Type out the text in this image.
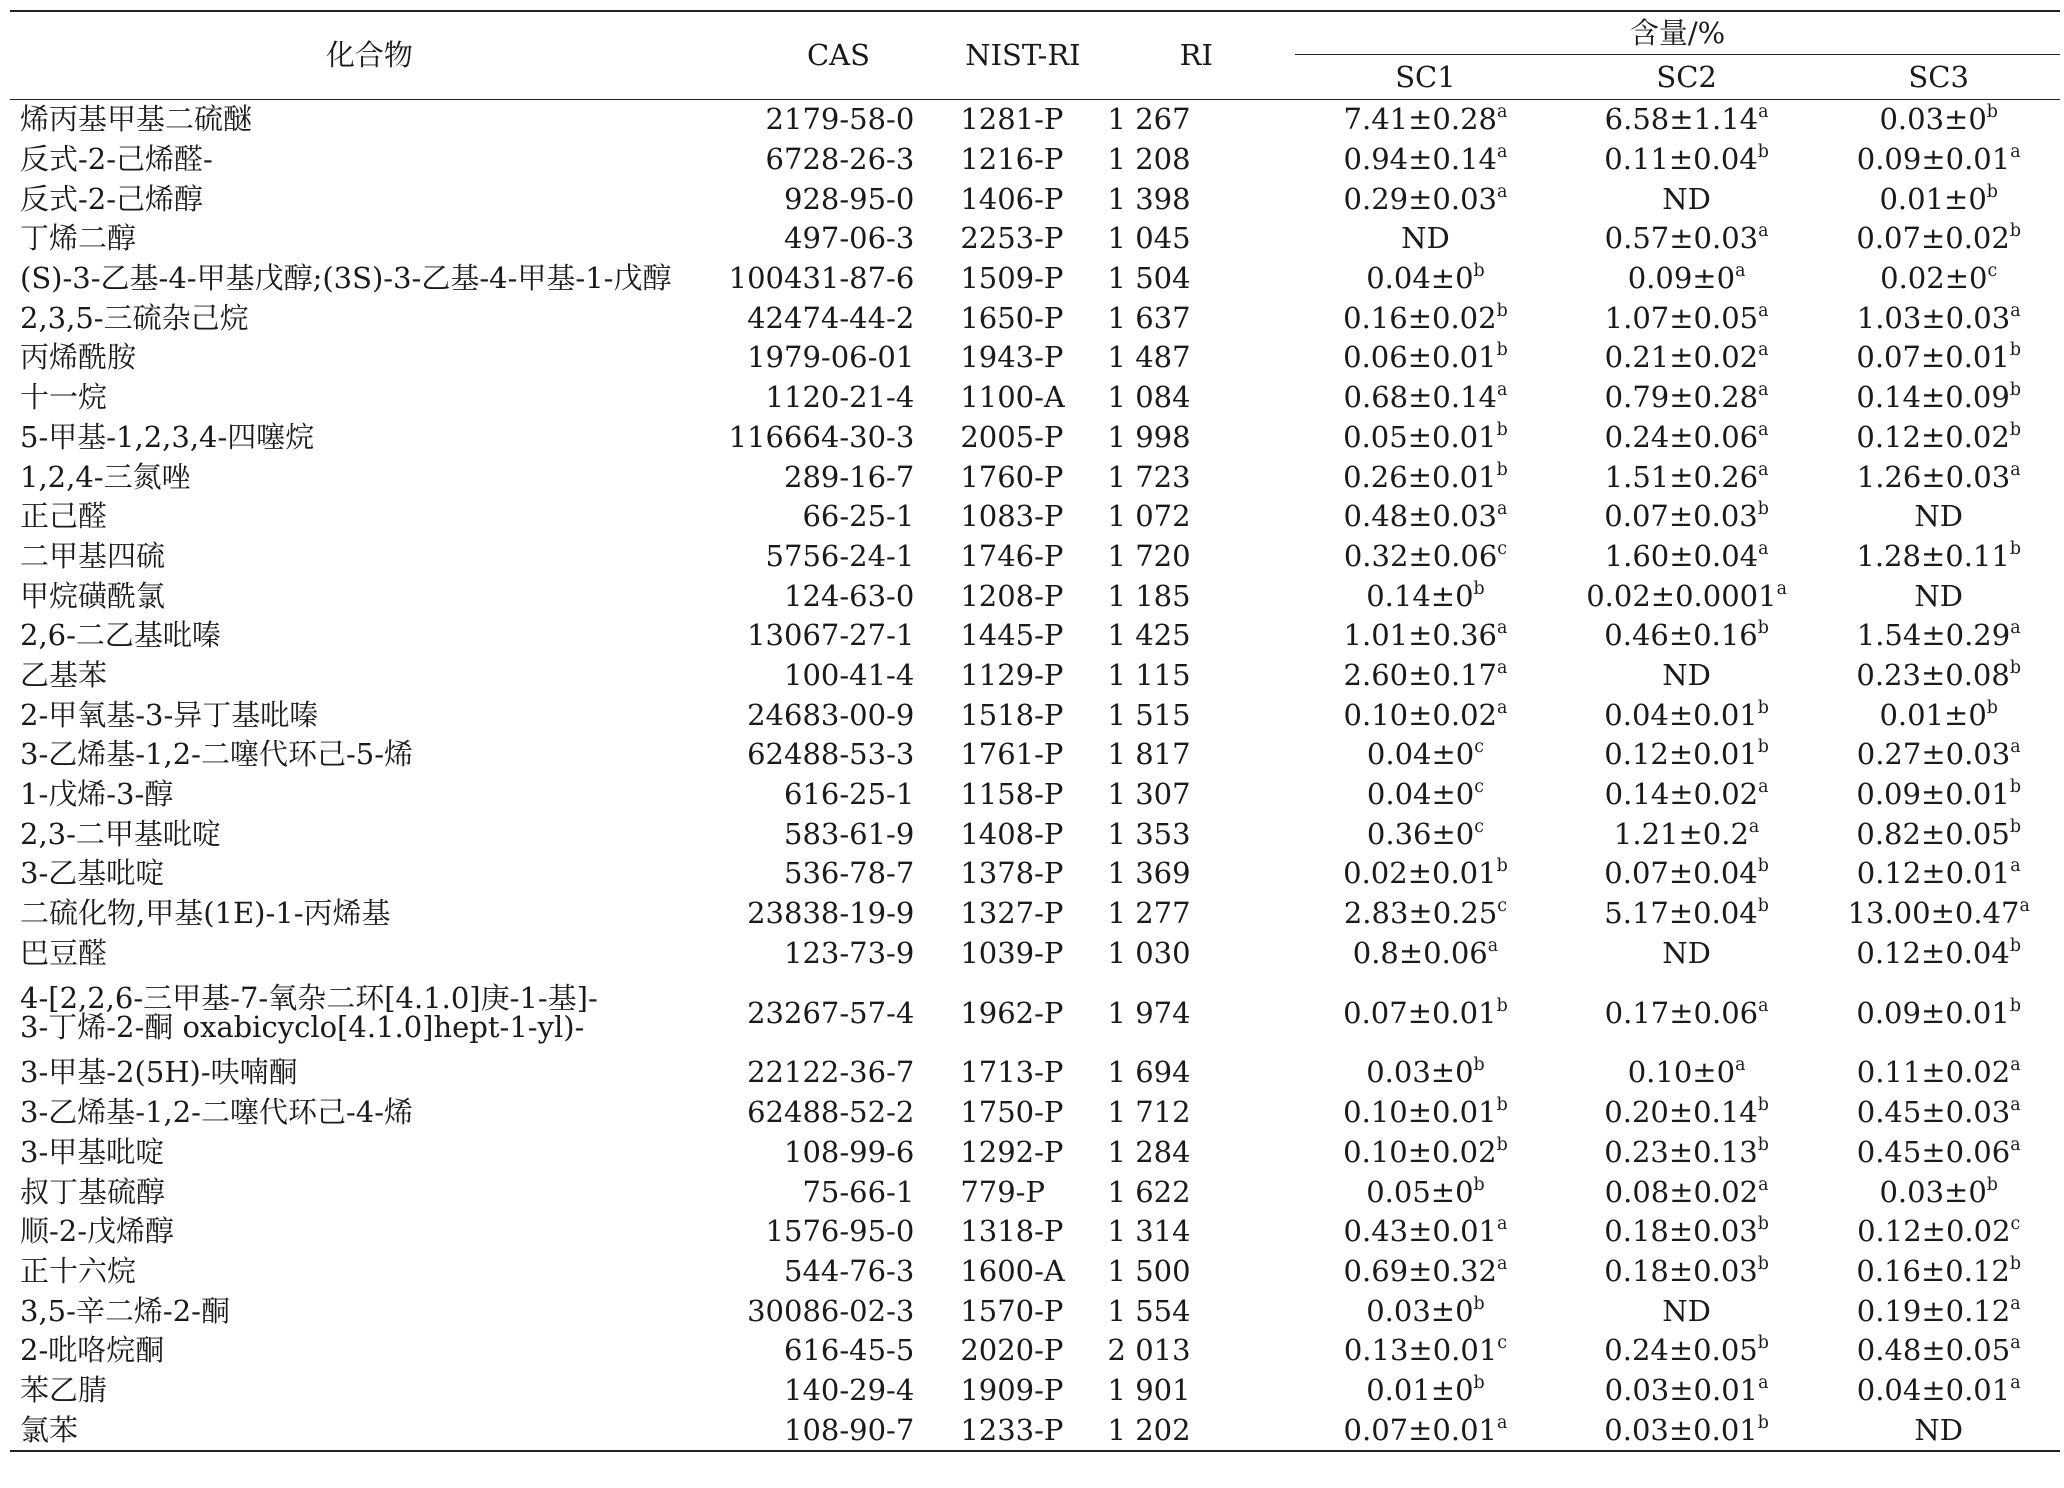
化合物	CAS	NIST-RI	RI	含量/%		
				SC1	SC2	SC3
烯丙基甲基二硫醚	2179-58-0	1281-P	1 267	7.41±0.28$^a$	6.58±1.14$^a$	$0.03\pm 0^b$
反式-2-己烯醛-	6728-26-3	1216-P	1 208	0.94±0.14$^a$	0.11±0.04$^b$	0.09±0.01$^a$
反式-2-己烯醇	928-95-0	1406-P	1 398	0.29±0.03$^a$	ND	$0.01\pm 0^b$
丁烯二醇	497-06-3	2253-P	1 045	ND	0.57±0.03$^a$	0.07±0.02$^b$
(S)-3-乙基-4-甲基戊醇;(3S)-3-乙基-4-甲基-1-戊醇	100431-87-6	1509-P	1 504	$0.04\pm 0^b$	$0.09\pm 0^a$	$0.02\pm 0^c$
2,3,5-三硫杂己烷	42474-44-2	1650-P	1 637	0.16±0.02$^b$	1.07±0.05$^a$	1.03±0.03$^a$
丙烯酰胺	1979-06-01	1943-P	1 487	0.06±0.01$^b$	0.21±0.02$^a$	0.07±0.01$^b$
十一烷	1120-21-4	1100-A	1 084	0.68±0.14$^a$	0.79±0.28$^a$	0.14±0.09$^b$
5-甲基-1,2,3,4-四噻烷	116664-30-3	2005-P	1 998	0.05±0.01$^b$	0.24±0.06$^a$	0.12±0.02$^b$
1,2,4-三氮唑	289-16-7	1760-P	1 723	0.26±0.01$^b$	1.51±0.26$^a$	1.26±0.03$^a$
正己醛	66-25-1	1083-P	1 072	0.48±0.03$^a$	0.07±0.03$^b$	ND
二甲基四硫	5756-24-1	1746-P	1 720	0.32±0.06$^c$	1.60±0.04$^a$	1.28±0.11$^b$
甲烷磺酰氯	124-63-0	1208-P	1 185	$0.14\pm 0^b$	0.02±0.0001$^a$	ND
2,6-二乙基吡嗪	13067-27-1	1445-P	1 425	1.01±0.36$^a$	0.46±0.16$^b$	1.54±0.29$^a$
乙基苯	100-41-4	1129-P	1 115	2.60±0.17$^a$	ND	0.23±0.08$^b$
2-甲氧基-3-异丁基吡嗪	24683-00-9	1518-P	1 515	0.10±0.02$^a$	0.04±0.01$^b$	$0.01\pm 0^b$
3-乙烯基-1,2-二噻代环己-5-烯	62488-53-3	1761-P	1 817	$0.04\pm 0^c$	0.12±0.01$^b$	0.27±0.03$^a$
1-戊烯-3-醇	616-25-1	1158-P	1 307	$0.04\pm 0^c$	0.14±0.02$^a$	0.09±0.01$^b$
2,3-二甲基吡啶	583-61-9	1408-P	1 353	$0.36\pm 0^c$	1.21±0.2$^a$	0.82±0.05$^b$
3-乙基吡啶	536-78-7	1378-P	1 369	0.02±0.01$^b$	0.07±0.04$^b$	0.12±0.01$^a$
二硫化物,甲基(1E)-1-丙烯基	23838-19-9	1327-P	1 277	2.83±0.25$^c$	5.17±0.04$^b$	13.00±0.47$^a$
巴豆醛	123-73-9	1039-P	1 030	0.8±0.06$^a$	ND	0.12±0.04$^b$
4-[2,2,6-三甲基-7-氧杂二环[4.1.0]庚-1-基]-
3-丁烯-2-酮 oxabicyclo[4.1.0]hept-1-yl)-	23267-57-4	1962-P	1 974	0.07±0.01$^b$	0.17±0.06$^a$	0.09±0.01$^b$
3-甲基-2(5H)-呋喃酮	22122-36-7	1713-P	1 694	$0.03\pm 0^b$	$0.10\pm 0^a$	0.11±0.02$^a$
3-乙烯基-1,2-二噻代环己-4-烯	62488-52-2	1750-P	1 712	0.10±0.01$^b$	0.20±0.14$^b$	0.45±0.03$^a$
3-甲基吡啶	108-99-6	1292-P	1 284	0.10±0.02$^b$	0.23±0.13$^b$	0.45±0.06$^a$
叔丁基硫醇	75-66-1	779-P	1 622	$0.05\pm 0^b$	0.08±0.02$^a$	$0.03\pm 0^b$
顺-2-戊烯醇	1576-95-0	1318-P	1 314	0.43±0.01$^a$	0.18±0.03$^b$	0.12±0.02$^c$
正十六烷	544-76-3	1600-A	1 500	0.69±0.32$^a$	0.18±0.03$^b$	0.16±0.12$^b$
3,5-辛二烯-2-酮	30086-02-3	1570-P	1 554	$0.03\pm 0^b$	ND	0.19±0.12$^a$
2-吡咯烷酮	616-45-5	2020-P	2 013	0.13±0.01$^c$	0.24±0.05$^b$	0.48±0.05$^a$
苯乙腈	140-29-4	1909-P	1 901	$0.01\pm 0^b$	0.03±0.01$^a$	0.04±0.01$^a$
氯苯	108-90-7	1233-P	1 202	0.07±0.01$^a$	0.03±0.01$^b$	ND
